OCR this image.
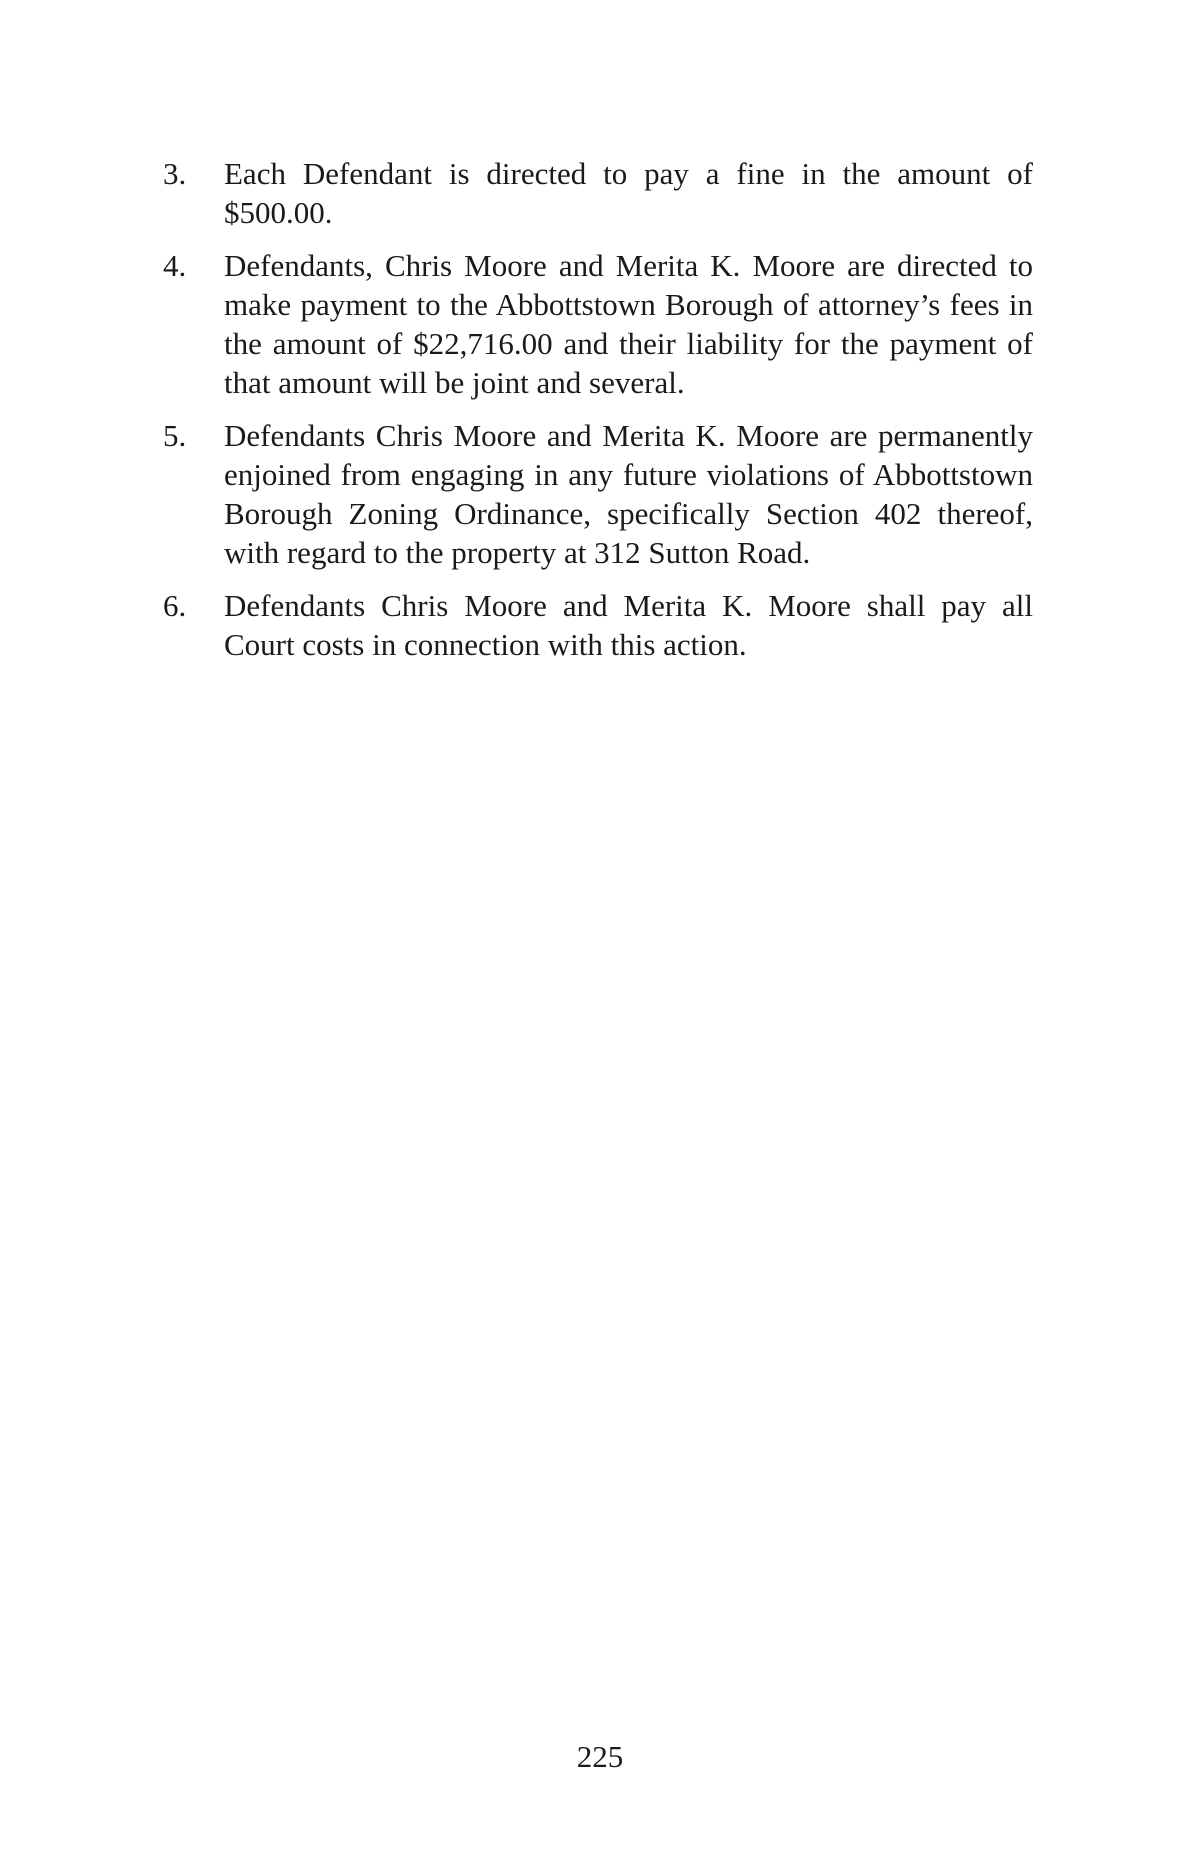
3.	Each Defendant is directed to pay a fine in the amount of $500.00.
4.	Defendants, Chris Moore and Merita K. Moore are directed to make payment to the Abbottstown Borough of attorney’s fees in the amount of $22,716.00 and their liability for the payment of that amount will be joint and several.
5.	Defendants Chris Moore and Merita K. Moore are permanently enjoined from engaging in any future violations of Abbottstown Borough Zoning Ordinance, specifically Section 402 thereof, with regard to the property at 312 Sutton Road.
6.	Defendants Chris Moore and Merita K. Moore shall pay all Court costs in connection with this action.
225
